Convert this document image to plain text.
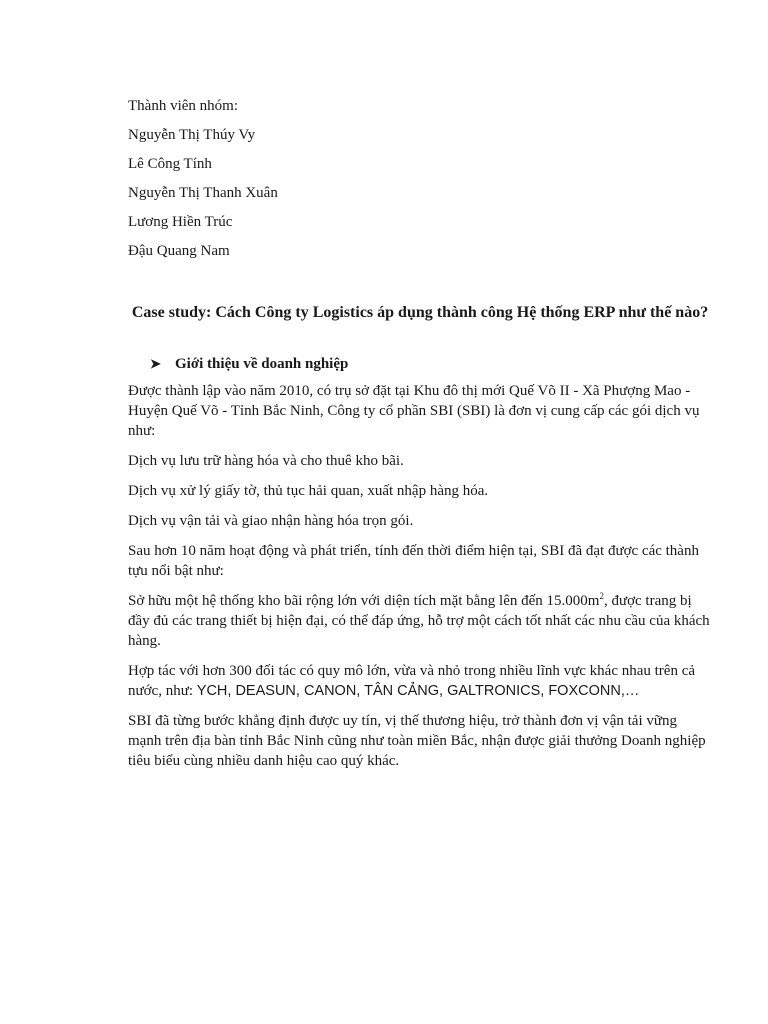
Thành viên nhóm:

Nguyễn Thị Thúy Vy

Lê Công Tính

Nguyễn Thị Thanh Xuân

Lương Hiền Trúc

Đậu Quang Nam

Case study: Cách Công ty Logistics áp dụng thành công Hệ thống ERP như thế nào?
➤ Giới thiệu về doanh nghiệp

Được thành lập vào năm 2010, có trụ sở đặt tại Khu đô thị mới Quế Võ II - Xã Phượng Mao - Huyện Quế Võ - Tỉnh Bắc Ninh, Công ty cổ phần SBI (SBI) là đơn vị cung cấp các gói dịch vụ như:

Dịch vụ lưu trữ hàng hóa và cho thuê kho bãi.

Dịch vụ xử lý giấy tờ, thủ tục hải quan, xuất nhập hàng hóa.

Dịch vụ vận tải và giao nhận hàng hóa trọn gói.

Sau hơn 10 năm hoạt động và phát triển, tính đến thời điểm hiện tại, SBI đã đạt được các thành tựu nổi bật như:

Sở hữu một hệ thống kho bãi rộng lớn với diện tích mặt bằng lên đến $15.000m^2$, được trang bị đầy đủ các trang thiết bị hiện đại, có thể đáp ứng, hỗ trợ một cách tốt nhất các nhu cầu của khách hàng.

Hợp tác với hơn 300 đối tác có quy mô lớn, vừa và nhỏ trong nhiều lĩnh vực khác nhau trên cả nước, như: YCH, DEASUN, CANON, TÂN CẢNG, GALTRONICS, FOXCONN,…

SBI đã từng bước khẳng định được uy tín, vị thế thương hiệu, trở thành đơn vị vận tải vững mạnh trên địa bàn tỉnh Bắc Ninh cũng như toàn miền Bắc, nhận được giải thưởng Doanh nghiệp tiêu biểu cùng nhiều danh hiệu cao quý khác.
